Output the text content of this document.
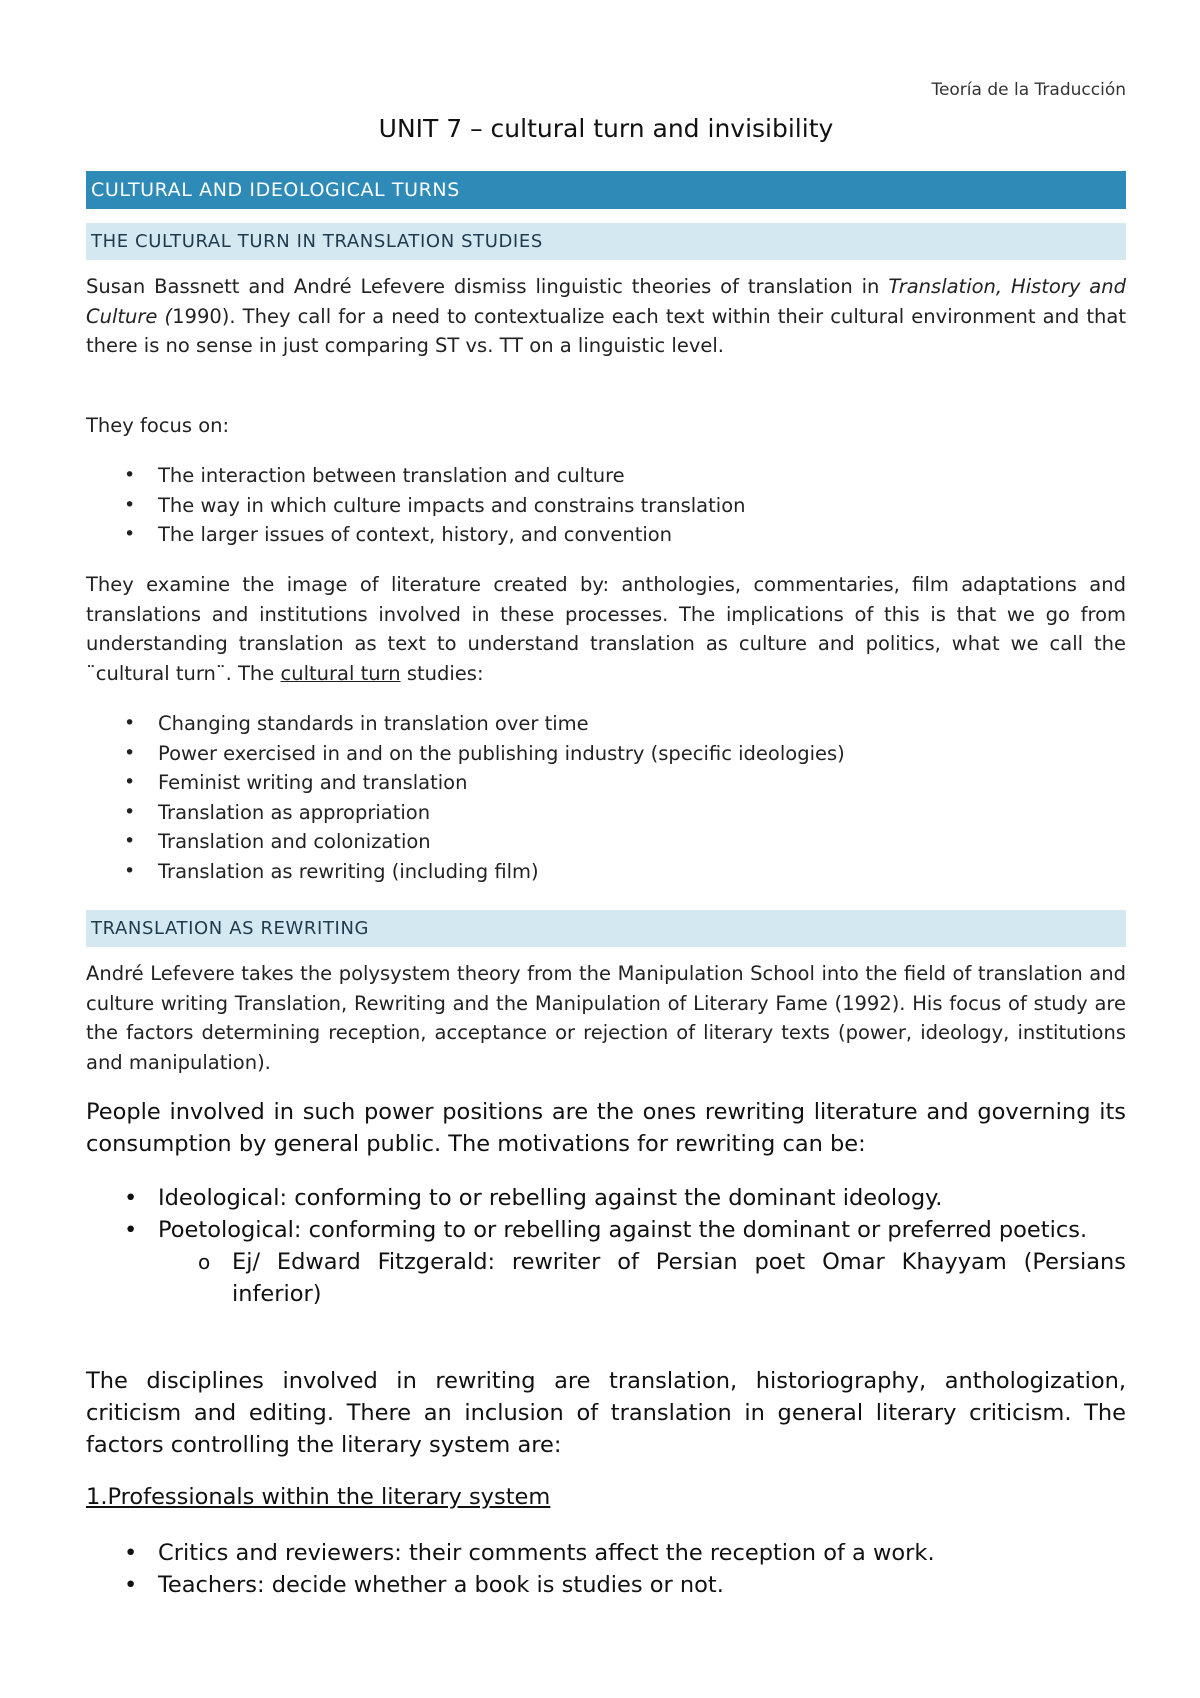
Teoría de la Traducción
UNIT 7 – cultural turn and invisibility
CULTURAL AND IDEOLOGICAL TURNS
THE CULTURAL TURN IN TRANSLATION STUDIES
Susan Bassnett and André Lefevere dismiss linguistic theories of translation in Translation, History and Culture (1990). They call for a need to contextualize each text within their cultural environment and that there is no sense in just comparing ST vs. TT on a linguistic level.
They focus on:
• The interaction between translation and culture
• The way in which culture impacts and constrains translation
• The larger issues of context, history, and convention
They examine the image of literature created by: anthologies, commentaries, film adaptations and translations and institutions involved in these processes. The implications of this is that we go from understanding translation as text to understand translation as culture and politics, what we call the ¨cultural turn¨. The cultural turn studies:
• Changing standards in translation over time
• Power exercised in and on the publishing industry (specific ideologies)
• Feminist writing and translation
• Translation as appropriation
• Translation and colonization
• Translation as rewriting (including film)
TRANSLATION AS REWRITING
André Lefevere takes the polysystem theory from the Manipulation School into the field of translation and culture writing Translation, Rewriting and the Manipulation of Literary Fame (1992). His focus of study are the factors determining reception, acceptance or rejection of literary texts (power, ideology, institutions and manipulation).
People involved in such power positions are the ones rewriting literature and governing its consumption by general public. The motivations for rewriting can be:
• Ideological: conforming to or rebelling against the dominant ideology.
• Poetological: conforming to or rebelling against the dominant or preferred poetics.
o Ej/ Edward Fitzgerald: rewriter of Persian poet Omar Khayyam (Persians inferior)
The disciplines involved in rewriting are translation, historiography, anthologization, criticism and editing. There an inclusion of translation in general literary criticism. The factors controlling the literary system are:
1.Professionals within the literary system
• Critics and reviewers: their comments affect the reception of a work.
• Teachers: decide whether a book is studies or not.
